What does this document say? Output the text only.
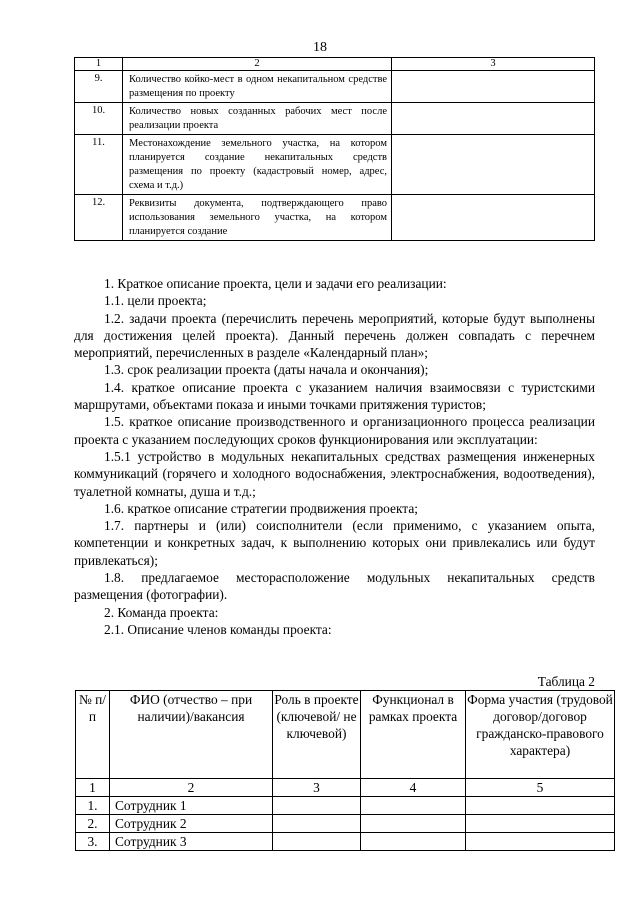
18
1	2	3
9.	Количество койко-мест в одном некапитальном средстве размещения по проекту	
10.	Количество новых созданных рабочих мест после реализации проекта	
11.	Местонахождение земельного участка, на котором планируется создание некапитальных средств размещения по проекту (кадастровый номер, адрес, схема и т.д.)	
12.	Реквизиты документа, подтверждающего право использования земельного участка, на котором планируется создание	

1. Краткое описание проекта, цели и задачи его реализации:

1.1. цели проекта;

1.2. задачи проекта (перечислить перечень мероприятий, которые будут выполнены для достижения целей проекта). Данный перечень должен совпадать с перечнем мероприятий, перечисленных в разделе «Календарный план»;

1.3. срок реализации проекта (даты начала и окончания);

1.4. краткое описание проекта с указанием наличия взаимосвязи с туристскими маршрутами, объектами показа и иными точками притяжения туристов;

1.5. краткое описание производственного и организационного процесса реализации проекта с указанием последующих сроков функционирования или эксплуатации:

1.5.1 устройство в модульных некапитальных средствах размещения инженерных коммуникаций (горячего и холодного водоснабжения, электроснабжения, водоотведения), туалетной комнаты, душа и т.д.;

1.6. краткое описание стратегии продвижения проекта;

1.7. партнеры и (или) соисполнители (если применимо, с указанием опыта, компетенции и конкретных задач, к выполнению которых они привлекались или будут привлекаться);

1.8. предлагаемое месторасположение модульных некапитальных средств размещения (фотографии).

2. Команда проекта:

2.1. Описание членов команды проекта:

Таблица 2
№ п/п	ФИО (отчество – при наличии)/вакансия	Роль в проекте (ключевой/ не ключевой)	Функционал в рамках проекта	Форма участия (трудовой договор/договор гражданско-правового характера)
1	2	3	4	5
1.	Сотрудник 1			
2.	Сотрудник 2			
3.	Сотрудник 3			
